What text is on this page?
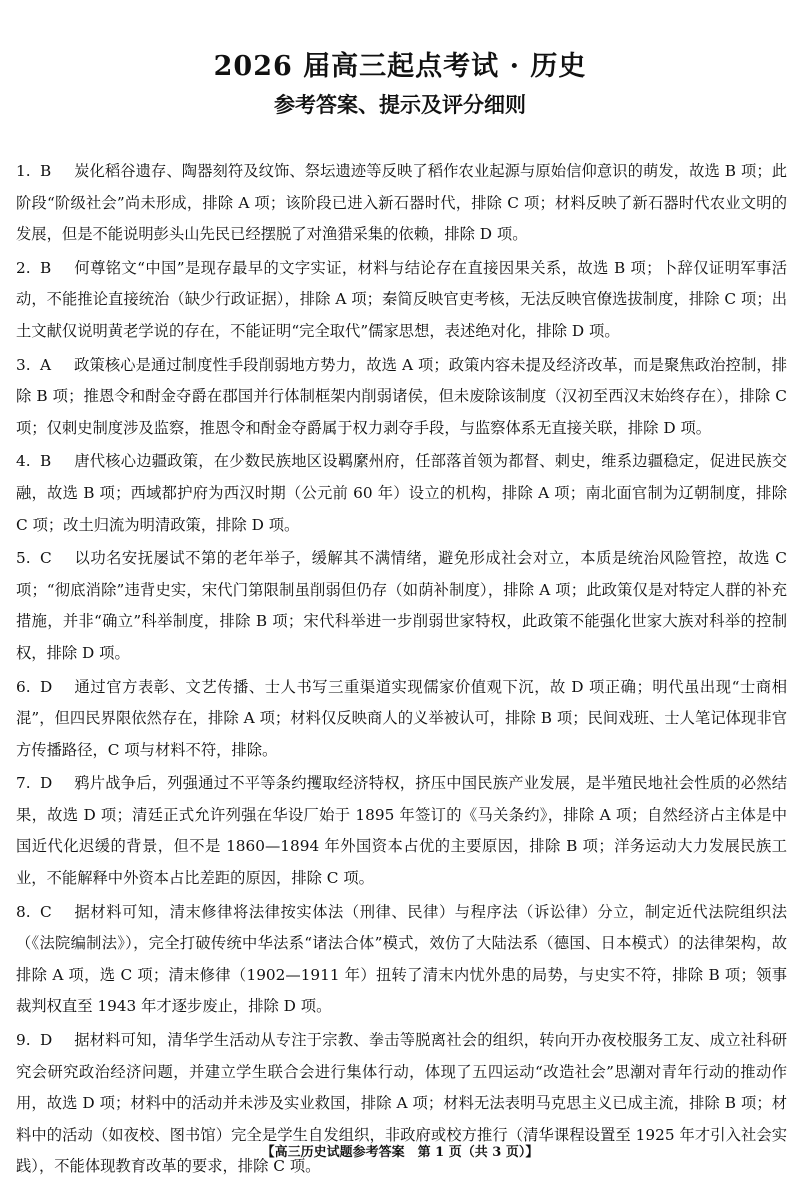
2026 届高三起点考试 · 历史
参考答案、提示及评分细则

1. B 炭化稻谷遗存、陶器刻符及纹饰、祭坛遗迹等反映了稻作农业起源与原始信仰意识的萌发，故选 B 项；此阶段“阶级社会”尚未形成，排除 A 项；该阶段已进入新石器时代，排除 C 项；材料反映了新石器时代农业文明的发展，但是不能说明彭头山先民已经摆脱了对渔猎采集的依赖，排除 D 项。

2. B 何尊铭文“中国”是现存最早的文字实证，材料与结论存在直接因果关系，故选 B 项；卜辞仅证明军事活动，不能推论直接统治（缺少行政证据），排除 A 项；秦简反映官吏考核，无法反映官僚选拔制度，排除 C 项；出土文献仅说明黄老学说的存在，不能证明“完全取代”儒家思想，表述绝对化，排除 D 项。

3. A 政策核心是通过制度性手段削弱地方势力，故选 A 项；政策内容未提及经济改革，而是聚焦政治控制，排除 B 项；推恩令和酎金夺爵在郡国并行体制框架内削弱诸侯，但未废除该制度（汉初至西汉末始终存在），排除 C 项；仅刺史制度涉及监察，推恩令和酎金夺爵属于权力剥夺手段，与监察体系无直接关联，排除 D 项。

4. B 唐代核心边疆政策，在少数民族地区设羁縻州府，任部落首领为都督、刺史，维系边疆稳定，促进民族交融，故选 B 项；西域都护府为西汉时期（公元前 60 年）设立的机构，排除 A 项；南北面官制为辽朝制度，排除 C 项；改土归流为明清政策，排除 D 项。

5. C 以功名安抚屡试不第的老年举子，缓解其不满情绪，避免形成社会对立，本质是统治风险管控，故选 C 项；“彻底消除”违背史实，宋代门第限制虽削弱但仍存（如荫补制度），排除 A 项；此政策仅是对特定人群的补充措施，并非“确立”科举制度，排除 B 项；宋代科举进一步削弱世家特权，此政策不能强化世家大族对科举的控制权，排除 D 项。

6. D 通过官方表彰、文艺传播、士人书写三重渠道实现儒家价值观下沉，故 D 项正确；明代虽出现“士商相混”，但四民界限依然存在，排除 A 项；材料仅反映商人的义举被认可，排除 B 项；民间戏班、士人笔记体现非官方传播路径，C 项与材料不符，排除。

7. D 鸦片战争后，列强通过不平等条约攫取经济特权，挤压中国民族产业发展，是半殖民地社会性质的必然结果，故选 D 项；清廷正式允许列强在华设厂始于 1895 年签订的《马关条约》，排除 A 项；自然经济占主体是中国近代化迟缓的背景，但不是 1860—1894 年外国资本占优的主要原因，排除 B 项；洋务运动大力发展民族工业，不能解释中外资本占比差距的原因，排除 C 项。

8. C 据材料可知，清末修律将法律按实体法（刑律、民律）与程序法（诉讼律）分立，制定近代法院组织法（《法院编制法》），完全打破传统中华法系“诸法合体”模式，效仿了大陆法系（德国、日本模式）的法律架构，故排除 A 项，选 C 项；清末修律（1902—1911 年）扭转了清末内忧外患的局势，与史实不符，排除 B 项；领事裁判权直至 1943 年才逐步废止，排除 D 项。

9. D 据材料可知，清华学生活动从专注于宗教、拳击等脱离社会的组织，转向开办夜校服务工友、成立社科研究会研究政治经济问题，并建立学生联合会进行集体行动，体现了五四运动“改造社会”思潮对青年行动的推动作用，故选 D 项；材料中的活动并未涉及实业救国，排除 A 项；材料无法表明马克思主义已成主流，排除 B 项；材料中的活动（如夜校、图书馆）完全是学生自发组织，非政府或校方推行（清华课程设置至 1925 年才引入社会实践），不能体现教育改革的要求，排除 C 项。

【高三历史试题参考答案　第 1 页（共 3 页）】
